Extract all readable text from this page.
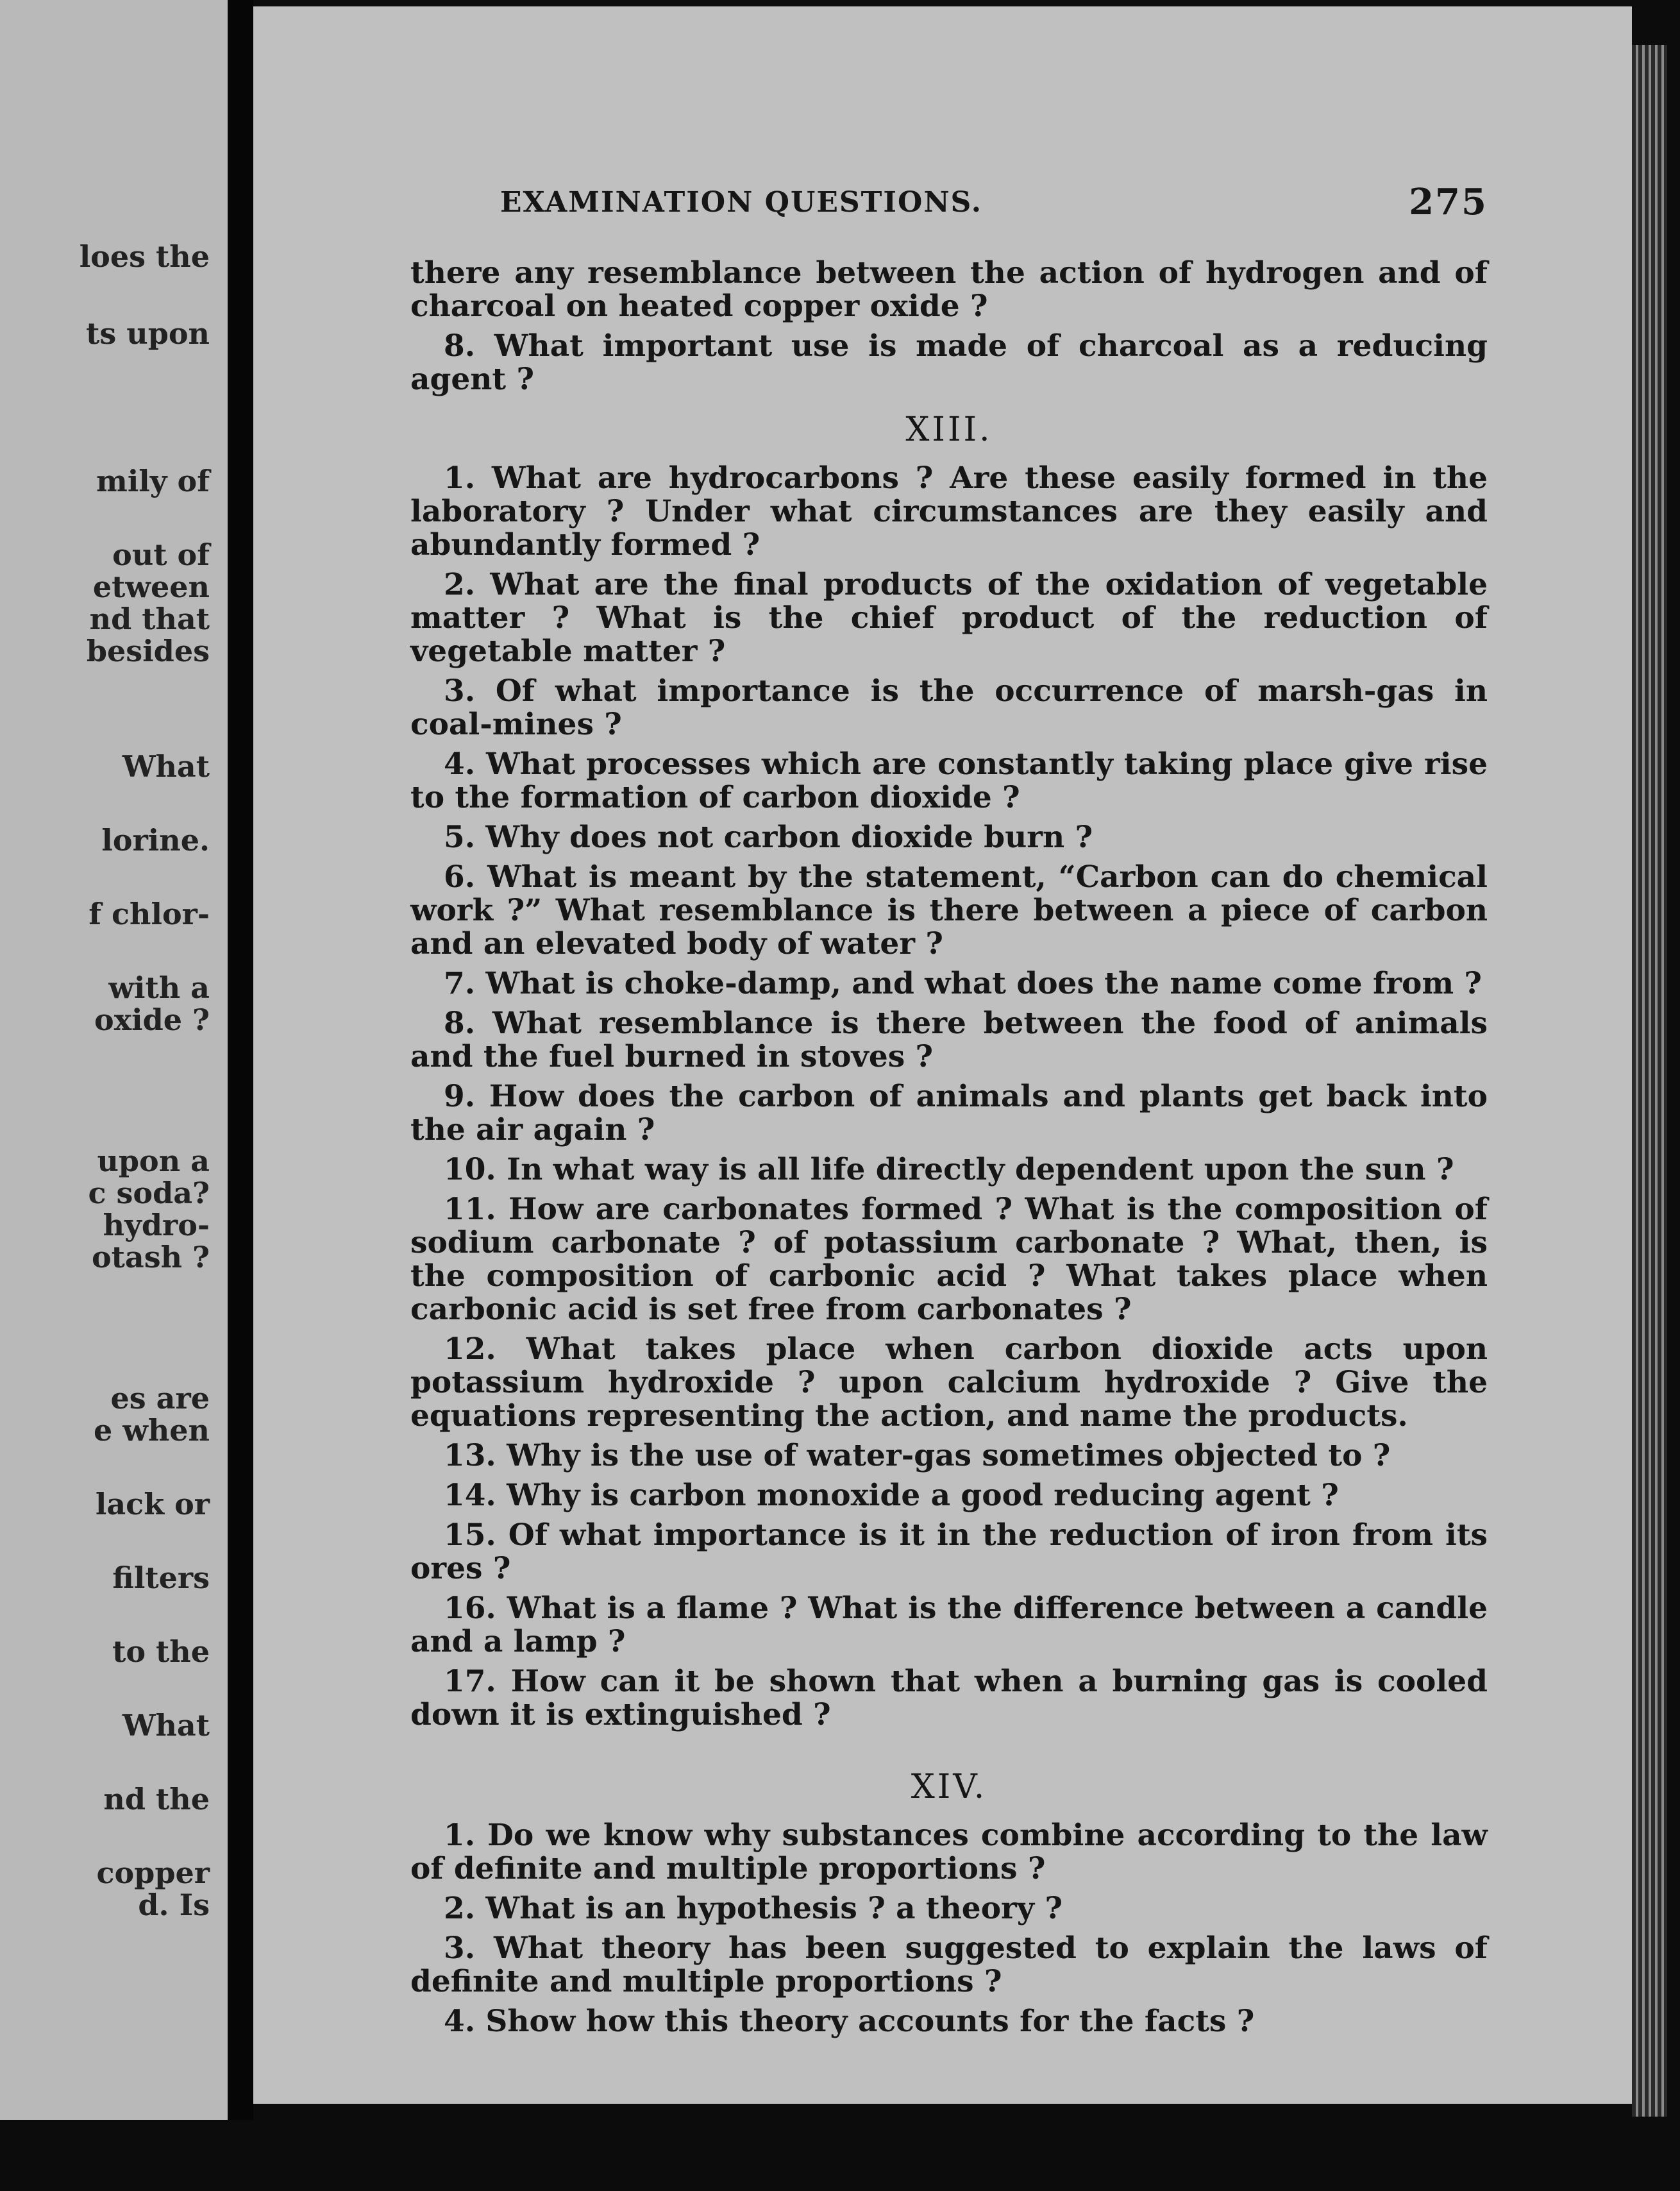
loes the
ts upon
mily of
out of
etween
nd that
besides
What
lorine.
f chlor-
with a
oxide ?
upon a
c soda?
hydro-
otash ?
es are
e when
lack or
filters
to the
What
nd the
copper
d. Is
EXAMINATION QUESTIONS.	275

there any resemblance between the action of hydrogen and of charcoal on heated copper oxide ?

8. What important use is made of charcoal as a reducing agent ?

XIII.

1. What are hydrocarbons ? Are these easily formed in the laboratory ? Under what circumstances are they easily and abundantly formed ?

2. What are the final products of the oxidation of vegetable matter ? What is the chief product of the reduction of vegetable matter ?

3. Of what importance is the occurrence of marsh-gas in coal-mines ?

4. What processes which are constantly taking place give rise to the formation of carbon dioxide ?

5. Why does not carbon dioxide burn ?

6. What is meant by the statement, “Carbon can do chemical work ?” What resemblance is there between a piece of carbon and an elevated body of water ?

7. What is choke-damp, and what does the name come from ?

8. What resemblance is there between the food of animals and the fuel burned in stoves ?

9. How does the carbon of animals and plants get back into the air again ?

10. In what way is all life directly dependent upon the sun ?

11. How are carbonates formed ? What is the composition of sodium carbonate ? of potassium carbonate ? What, then, is the composition of carbonic acid ? What takes place when carbonic acid is set free from carbonates ?

12. What takes place when carbon dioxide acts upon potassium hydroxide ? upon calcium hydroxide ? Give the equations representing the action, and name the products.

13. Why is the use of water-gas sometimes objected to ?

14. Why is carbon monoxide a good reducing agent ?

15. Of what importance is it in the reduction of iron from its ores ?

16. What is a flame ? What is the difference between a candle and a lamp ?

17. How can it be shown that when a burning gas is cooled down it is extinguished ?

XIV.

1. Do we know why substances combine according to the law of definite and multiple proportions ?

2. What is an hypothesis ? a theory ?

3. What theory has been suggested to explain the laws of definite and multiple proportions ?

4. Show how this theory accounts for the facts ?
